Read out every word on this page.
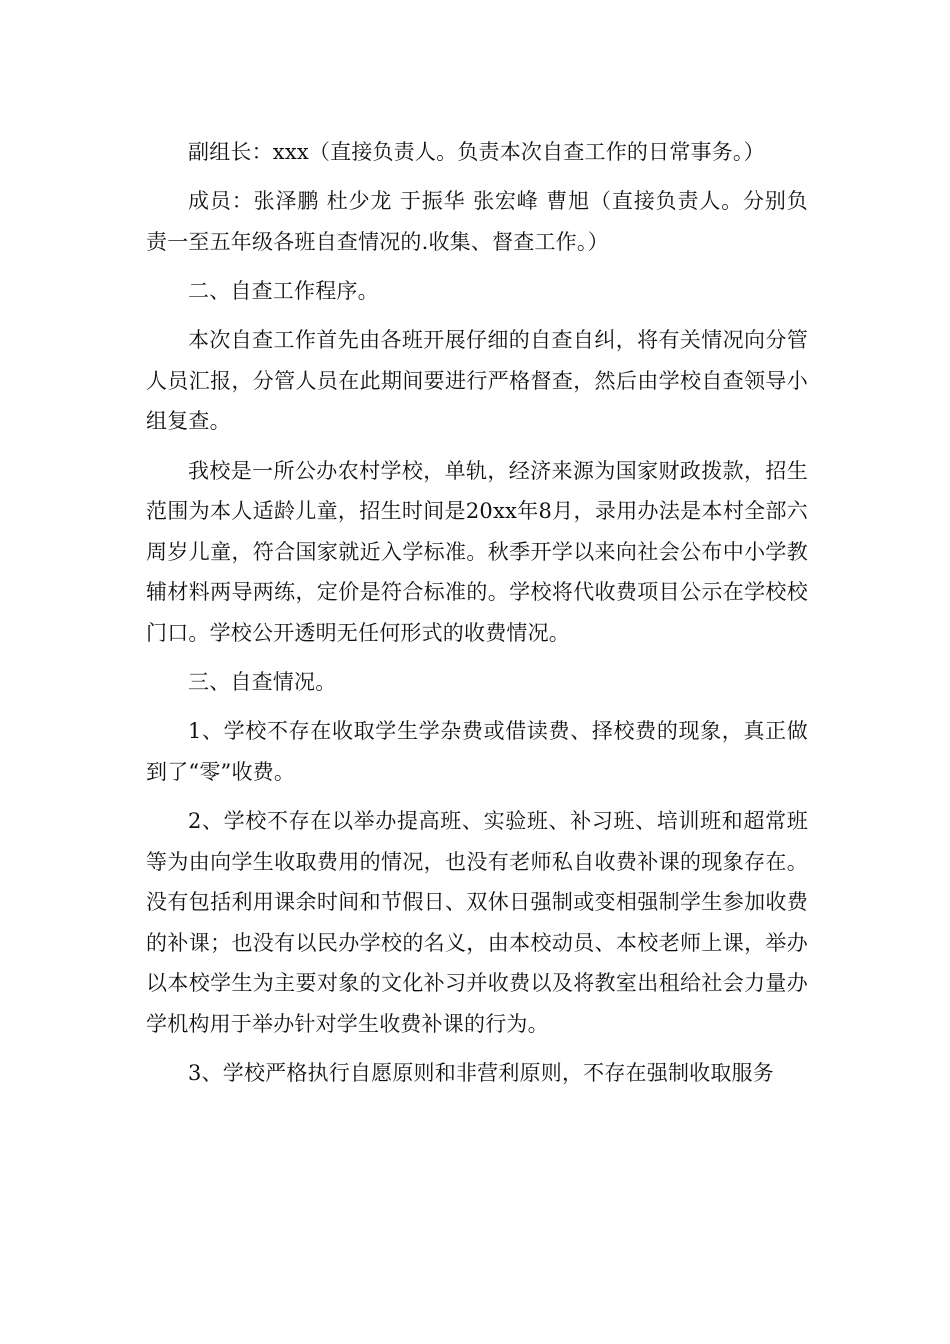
副组长：xxx（直接负责人。负责本次自查工作的日常事务。）

成员：张泽鹏 杜少龙 于振华 张宏峰 曹旭（直接负责人。分别负责一至五年级各班自查情况的.收集、督查工作。）

二、自查工作程序。

本次自查工作首先由各班开展仔细的自查自纠，将有关情况向分管人员汇报，分管人员在此期间要进行严格督查，然后由学校自查领导小组复查。

我校是一所公办农村学校，单轨，经济来源为国家财政拨款，招生范围为本人适龄儿童，招生时间是20xx年8月，录用办法是本村全部六周岁儿童，符合国家就近入学标准。秋季开学以来向社会公布中小学教辅材料两导两练，定价是符合标准的。学校将代收费项目公示在学校校门口。学校公开透明无任何形式的收费情况。

三、自查情况。

1、学校不存在收取学生学杂费或借读费、择校费的现象，真正做到了“零”收费。

2、学校不存在以举办提高班、实验班、补习班、培训班和超常班等为由向学生收取费用的情况，也没有老师私自收费补课的现象存在。没有包括利用课余时间和节假日、双休日强制或变相强制学生参加收费的补课；也没有以民办学校的名义，由本校动员、本校老师上课，举办以本校学生为主要对象的文化补习并收费以及将教室出租给社会力量办学机构用于举办针对学生收费补课的行为。

3、学校严格执行自愿原则和非营利原则，不存在强制收取服务
